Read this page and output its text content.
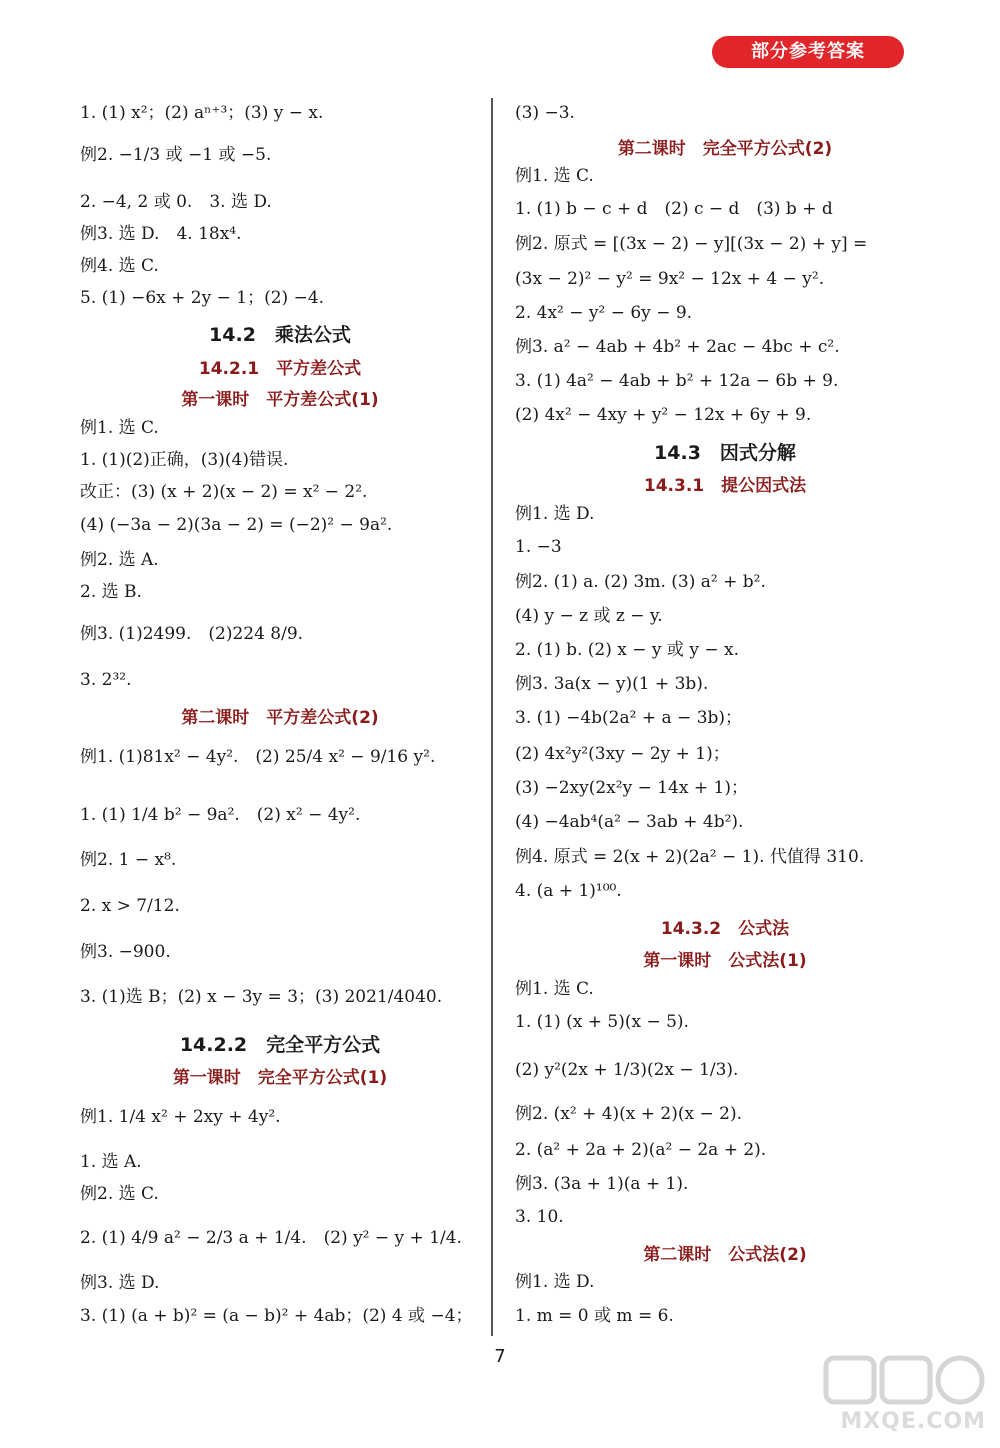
部分参考答案
1. (1) x²；(2) aⁿ⁺³；(3) y − x.
例2. −1/3 或 −1 或 −5.
2. −4, 2 或 0.　3. 选 D.
例3. 选 D.　4. 18x⁴.
例4. 选 C.
5. (1) −6x + 2y − 1；(2) −4.
14.2　乘法公式
14.2.1　平方差公式
第一课时　平方差公式(1)
例1. 选 C.
1. (1)(2)正确，(3)(4)错误.
改正：(3) (x + 2)(x − 2) = x² − 2².
(4) (−3a − 2)(3a − 2) = (−2)² − 9a².
例2. 选 A.
2. 选 B.
例3. (1)2499.　(2)224 8/9.
3. 2³².
第二课时　平方差公式(2)
例1. (1)81x² − 4y².　(2) 25/4 x² − 9/16 y².
1. (1) 1/4 b² − 9a².　(2) x² − 4y².
例2. 1 − x⁸.
2. x > 7/12.
例3. −900.
3. (1)选 B；(2) x − 3y = 3；(3) 2021/4040.
14.2.2　完全平方公式
第一课时　完全平方公式(1)
例1. 1/4 x² + 2xy + 4y².
1. 选 A.
例2. 选 C.
2. (1) 4/9 a² − 2/3 a + 1/4.　(2) y² − y + 1/4.
例3. 选 D.
3. (1) (a + b)² = (a − b)² + 4ab；(2) 4 或 −4；
(3) −3.
第二课时　完全平方公式(2)
例1. 选 C.
1. (1) b − c + d　(2) c − d　(3) b + d
例2. 原式 = [(3x − 2) − y][(3x − 2) + y] =
(3x − 2)² − y² = 9x² − 12x + 4 − y².
2. 4x² − y² − 6y − 9.
例3. a² − 4ab + 4b² + 2ac − 4bc + c².
3. (1) 4a² − 4ab + b² + 12a − 6b + 9.
(2) 4x² − 4xy + y² − 12x + 6y + 9.
14.3　因式分解
14.3.1　提公因式法
例1. 选 D.
1. −3
例2. (1) a. (2) 3m. (3) a² + b².
(4) y − z 或 z − y.
2. (1) b. (2) x − y 或 y − x.
例3. 3a(x − y)(1 + 3b).
3. (1) −4b(2a² + a − 3b)；
(2) 4x²y²(3xy − 2y + 1)；
(3) −2xy(2x²y − 14x + 1)；
(4) −4ab⁴(a² − 3ab + 4b²).
例4. 原式 = 2(x + 2)(2a² − 1). 代值得 310.
4. (a + 1)¹⁰⁰.
14.3.2　公式法
第一课时　公式法(1)
例1. 选 C.
1. (1) (x + 5)(x − 5).
(2) y²(2x + 1/3)(2x − 1/3).
例2. (x² + 4)(x + 2)(x − 2).
2. (a² + 2a + 2)(a² − 2a + 2).
例3. (3a + 1)(a + 1).
3. 10.
第二课时　公式法(2)
例1. 选 D.
1. m = 0 或 m = 6.
7
MXQE.COM
